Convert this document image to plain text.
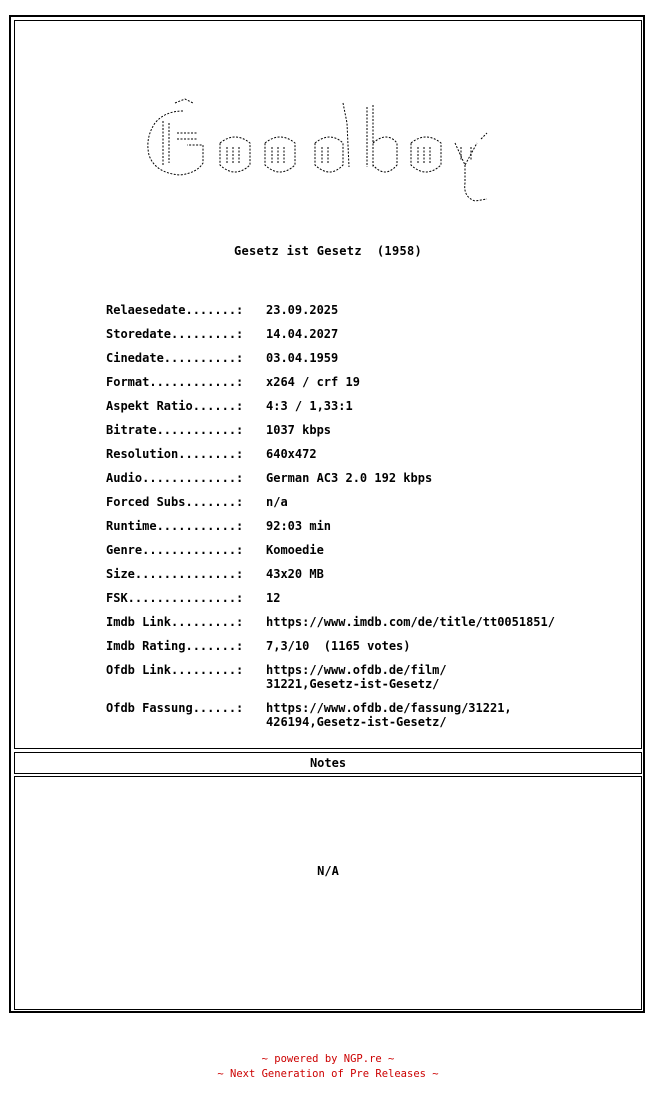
Gesetz ist Gesetz  (1958)
Relaesedate.......:	23.09.2025
Storedate.........:	14.04.2027
Cinedate..........:	03.04.1959
Format............:	x264 / crf 19
Aspekt Ratio......:	4:3 / 1,33:1
Bitrate...........:	1037 kbps
Resolution........:	640x472
Audio.............:	German AC3 2.0 192 kbps
Forced Subs.......:	n/a
Runtime...........:	92:03 min
Genre.............:	Komoedie
Size..............:	43x20 MB
FSK...............:	12
Imdb Link.........:	https://www.imdb.com/de/title/tt0051851/
Imdb Rating.......:	7,3/10  (1165 votes)
Ofdb Link.........:	https://www.ofdb.de/film/
31221,Gesetz-ist-Gesetz/
Ofdb Fassung......:	https://www.ofdb.de/fassung/31221,
426194,Gesetz-ist-Gesetz/
Notes
N/A
~ powered by NGP.re ~
~ Next Generation of Pre Releases ~
